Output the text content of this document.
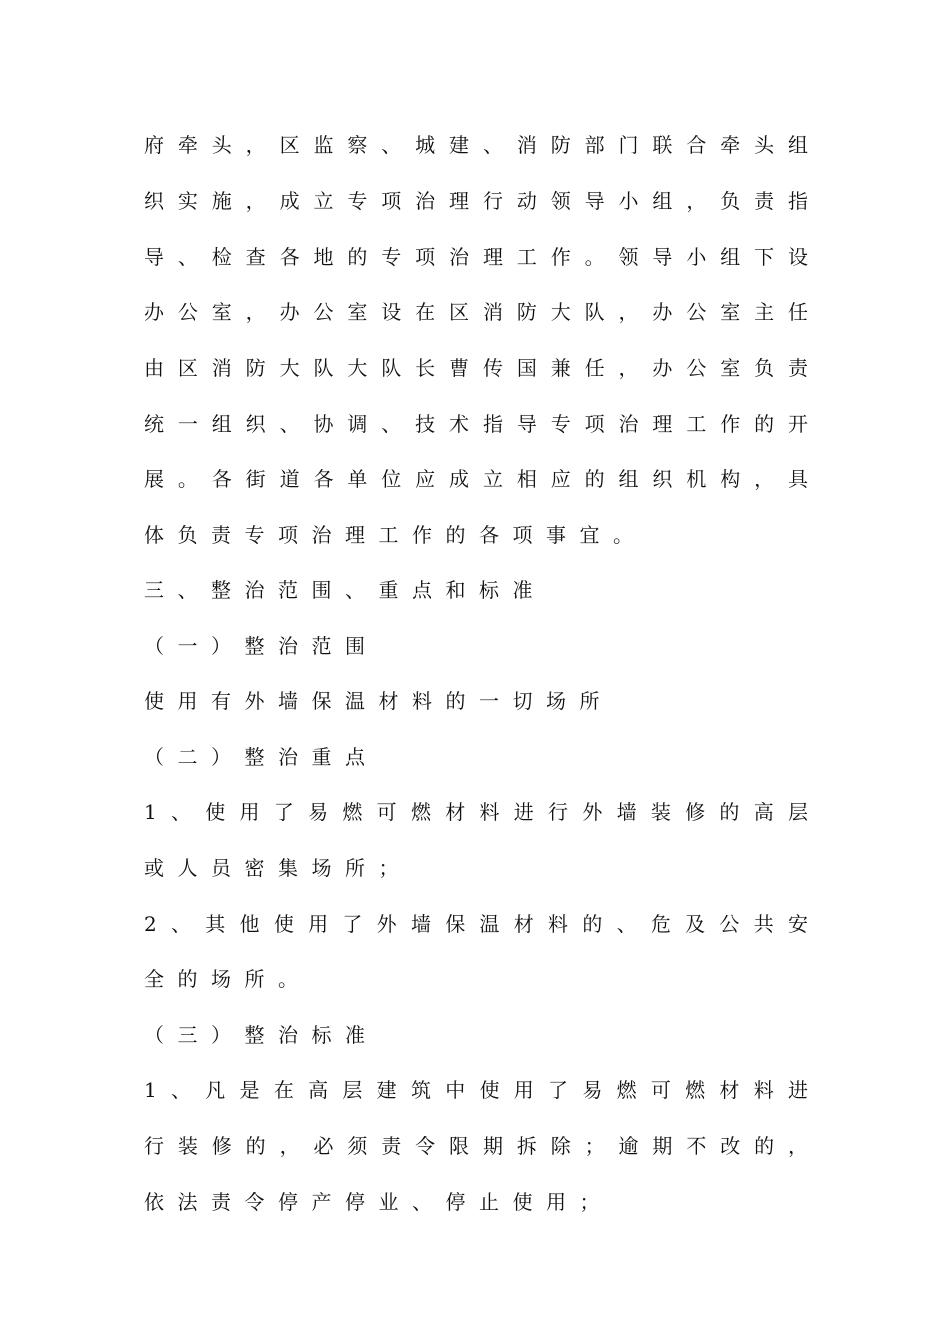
府牵头，区监察、城建、消防部门联合牵头组
织实施，成立专项治理行动领导小组，负责指
导、检查各地的专项治理工作。领导小组下设
办公室，办公室设在区消防大队，办公室主任
由区消防大队大队长曹传国兼任，办公室负责
统一组织、协调、技术指导专项治理工作的开
展。各街道各单位应成立相应的组织机构，具
体负责专项治理工作的各项事宜。
三、整治范围、重点和标准
（一）整治范围
使用有外墙保温材料的一切场所
（二）整治重点
1、使用了易燃可燃材料进行外墙装修的高层
或人员密集场所；
2、其他使用了外墙保温材料的、危及公共安
全的场所。
（三）整治标准
1、凡是在高层建筑中使用了易燃可燃材料进
行装修的，必须责令限期拆除；逾期不改的，
依法责令停产停业、停止使用；
